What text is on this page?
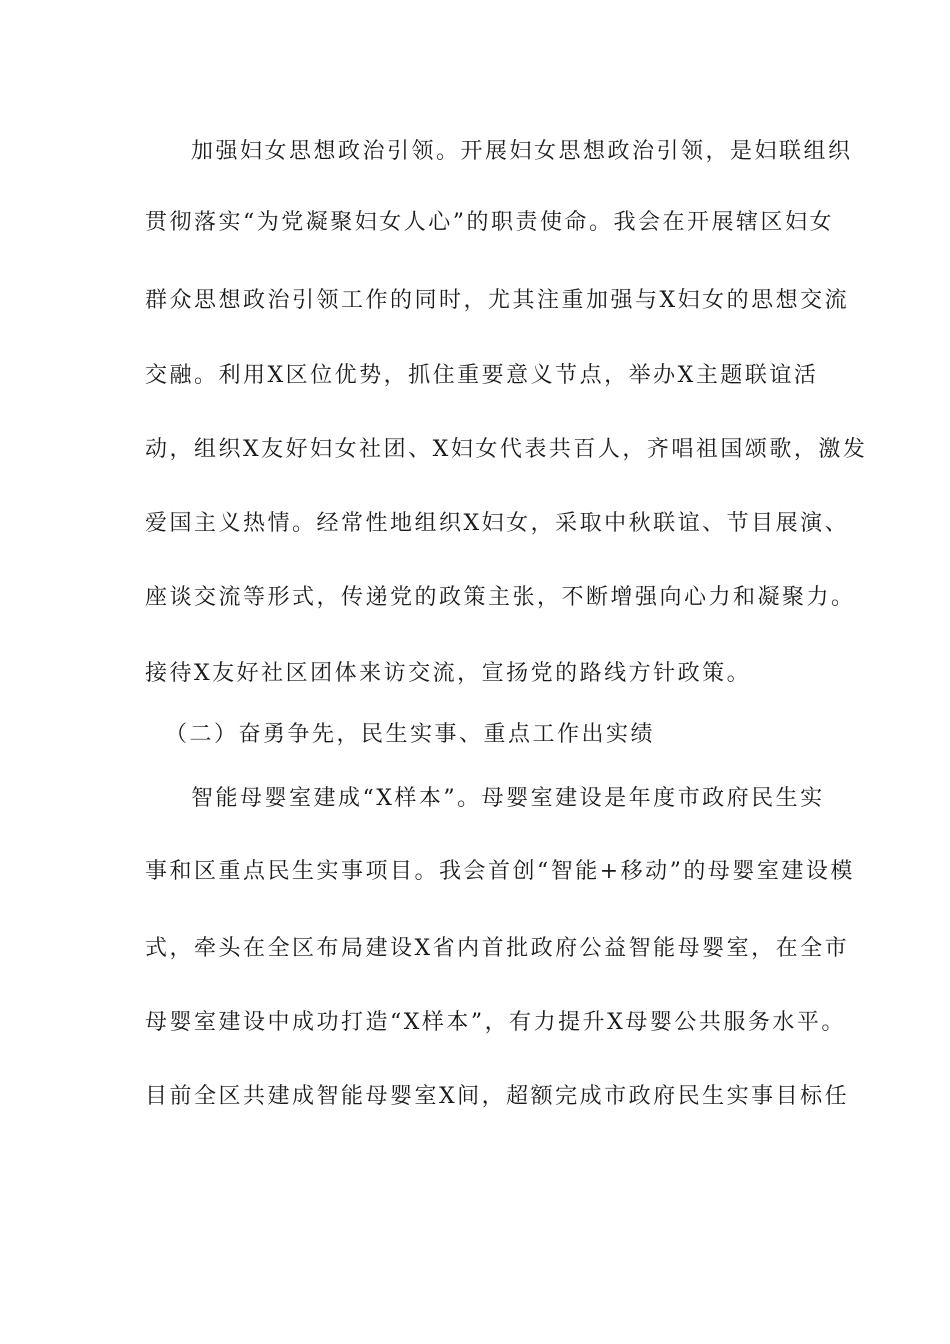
加强妇女思想政治引领。开展妇女思想政治引领，是妇联组织
贯彻落实“为党凝聚妇女人心”的职责使命。我会在开展辖区妇女
群众思想政治引领工作的同时，尤其注重加强与X妇女的思想交流
交融。利用X区位优势，抓住重要意义节点，举办X主题联谊活
动，组织X友好妇女社团、X妇女代表共百人，齐唱祖国颂歌，激发
爱国主义热情。经常性地组织X妇女，采取中秋联谊、节目展演、
座谈交流等形式，传递党的政策主张，不断增强向心力和凝聚力。
接待X友好社区团体来访交流，宣扬党的路线方针政策。
（二）奋勇争先，民生实事、重点工作出实绩
智能母婴室建成“X样本”。母婴室建设是年度市政府民生实
事和区重点民生实事项目。我会首创“智能+移动”的母婴室建设模
式，牵头在全区布局建设X省内首批政府公益智能母婴室，在全市
母婴室建设中成功打造“X样本”，有力提升X母婴公共服务水平。
目前全区共建成智能母婴室X间，超额完成市政府民生实事目标任
